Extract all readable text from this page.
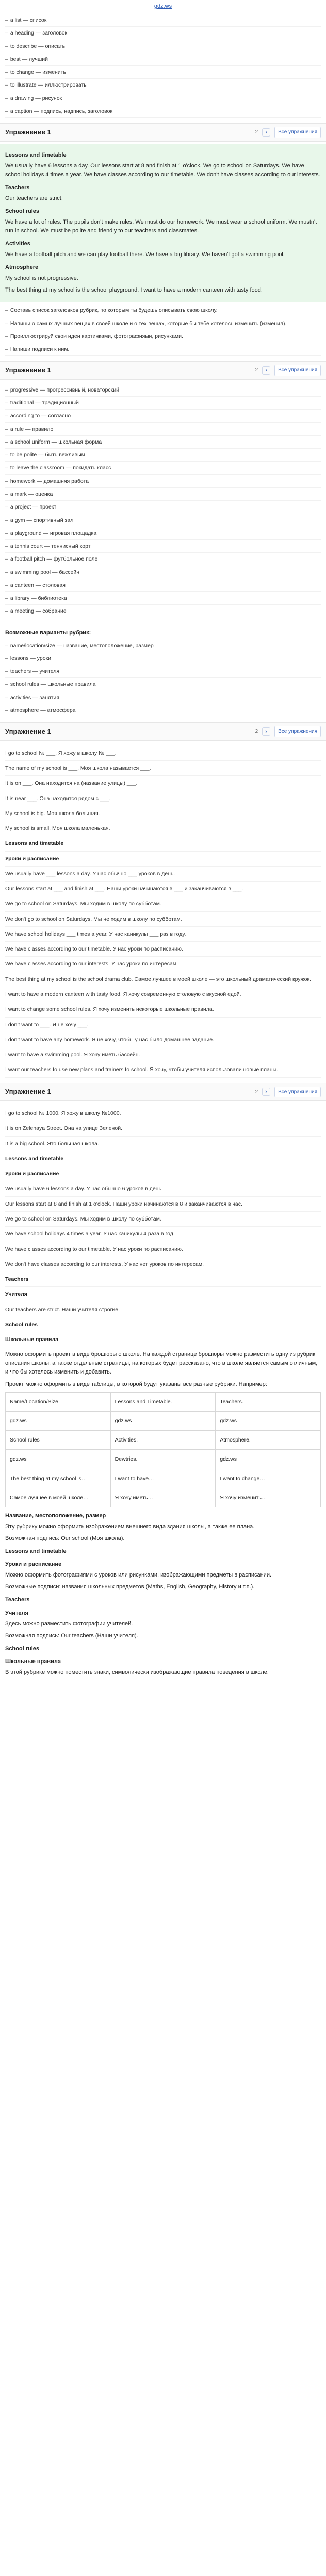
gdz.ws
– a list — список
– a heading — заголовок
– to describe — описать
– best — лучший
– to change — изменить
– to illustrate — иллюстрировать
– a drawing — рисунок
– a caption — подпись, надпись, заголовок
Упражнение 1	2	›	Все упражнения
Lessons and timetable

We usually have 6 lessons a day. Our lessons start at 8 and finish at 1 o'clock. We go to school on Saturdays. We have school holidays 4 times a year. We have classes according to our timetable. We don't have classes according to our interests.

Teachers

Our teachers are strict.

School rules

We have a lot of rules. The pupils don't make rules. We must do our homework. We must wear a school uniform. We mustn't run in school. We must be polite and friendly to our teachers and classmates.

Activities

We have a football pitch and we can play football there. We have a big library. We haven't got a swimming pool.

Atmosphere

My school is not progressive.

The best thing at my school is the school playground. I want to have a modern canteen with tasty food.

– Составь список заголовков рубрик, по которым ты будешь описывать свою школу.
– Напиши о самых лучших вещах в своей школе и о тех вещах, которые бы тебе хотелось изменить (изменил).
– Проиллюстрируй свои идеи картинками, фотографиями, рисунками.
– Напиши подписи к ним.
Упражнение 1	2	›	Все упражнения
– progressive — прогрессивный, новаторский
– traditional — традиционный
– according to — согласно
– a rule — правило
– a school uniform — школьная форма
– to be polite — быть вежливым
– to leave the classroom — покидать класс
– homework — домашняя работа
– a mark — оценка
– a project — проект
– a gym — спортивный зал
– a playground — игровая площадка
– a tennis court — теннисный корт
– a football pitch — футбольное поле
– a swimming pool — бассейн
– a canteen — столовая
– a library — библиотека
– a meeting — собрание
Возможные варианты рубрик:
– name/location/size — название, местоположение, размер
– lessons — уроки
– teachers — учителя
– school rules — школьные правила
– activities — занятия
– atmosphere — атмосфера
Упражнение 1	2	›	Все упражнения
I go to school № ___. Я хожу в школу № ___.
The name of my school is ___. Моя школа называется ___.
It is on ___. Она находится на (название улицы) ___.
It is near ___. Она находится рядом с ___.
My school is big. Моя школа большая.
My school is small. Моя школа маленькая.
Lessons and timetable
Уроки и расписание
We usually have ___ lessons a day. У нас обычно ___ уроков в день.
Our lessons start at ___ and finish at ___. Наши уроки начинаются в ___ и заканчиваются в ___.
We go to school on Saturdays. Мы ходим в школу по субботам.
We don't go to school on Saturdays. Мы не ходим в школу по субботам.
We have school holidays ___ times a year. У нас каникулы ___ раз в году.
We have classes according to our timetable. У нас уроки по расписанию.
We have classes according to our interests. У нас уроки по интересам.
The best thing at my school is the school drama club. Самое лучшее в моей школе — это школьный драматический кружок.
I want to have a modern canteen with tasty food. Я хочу современную столовую с вкусной едой.
I want to change some school rules. Я хочу изменить некоторые школьные правила.
I don't want to ___. Я не хочу ___.
I don't want to have any homework. Я не хочу, чтобы у нас было домашнее задание.
I want to have a swimming pool. Я хочу иметь бассейн.
I want our teachers to use new plans and trainers to school. Я хочу, чтобы учителя использовали новые планы.
Упражнение 1	2	›	Все упражнения
I go to school № 1000. Я хожу в школу №1000.
It is on Zelenaya Street. Она на улице Зеленой.
It is a big school. Это большая школа.
Lessons and timetable
Уроки и расписание
We usually have 6 lessons a day. У нас обычно 6 уроков в день.
Our lessons start at 8 and finish at 1 o'clock. Наши уроки начинаются в 8 и заканчиваются в час.
We go to school on Saturdays. Мы ходим в школу по субботам.
We have school holidays 4 times a year. У нас каникулы 4 раза в год.
We have classes according to our timetable. У нас уроки по расписанию.
We don't have classes according to our interests. У нас нет уроков по интересам.
Teachers
Учителя
Our teachers are strict. Наши учителя строгие.
School rules
Школьные правила

Можно оформить проект в виде брошюры о школе. На каждой странице брошюры можно разместить одну из рубрик описания школы, а также отдельные страницы, на которых будет рассказано, что в школе является самым отличным, и что бы хотелось изменить и добавить.

Проект можно оформить в виде таблицы, в которой будут указаны все разные рубрики. Например:

Name/Location/Size.	Lessons and Timetable.	Teachers.
gdz.ws	gdz.ws	gdz.ws
School rules	Activities.	Atmosphere.
gdz.ws	Dewtries.	gdz.ws
The best thing at my school is…	I want to have…	I want to change…
Самое лучшее в моей школе…	Я хочу иметь…	Я хочу изменить…
Название, местоположение, размер

Эту рубрику можно оформить изображением внешнего вида здания школы, а также ее плана.

Возможная подпись: Our school (Моя школа).

Lessons and timetable
Уроки и расписание

Можно оформить фотографиями с уроков или рисунками, изображающими предметы в расписании.

Возможные подписи: названия школьных предметов (Maths, English, Geography, History и т.п.).

Teachers
Учителя

Здесь можно разместить фотографии учителей.

Возможная подпись: Our teachers (Наши учителя).

School rules
Школьные правила

В этой рубрике можно поместить знаки, символически изображающие правила поведения в школе.
